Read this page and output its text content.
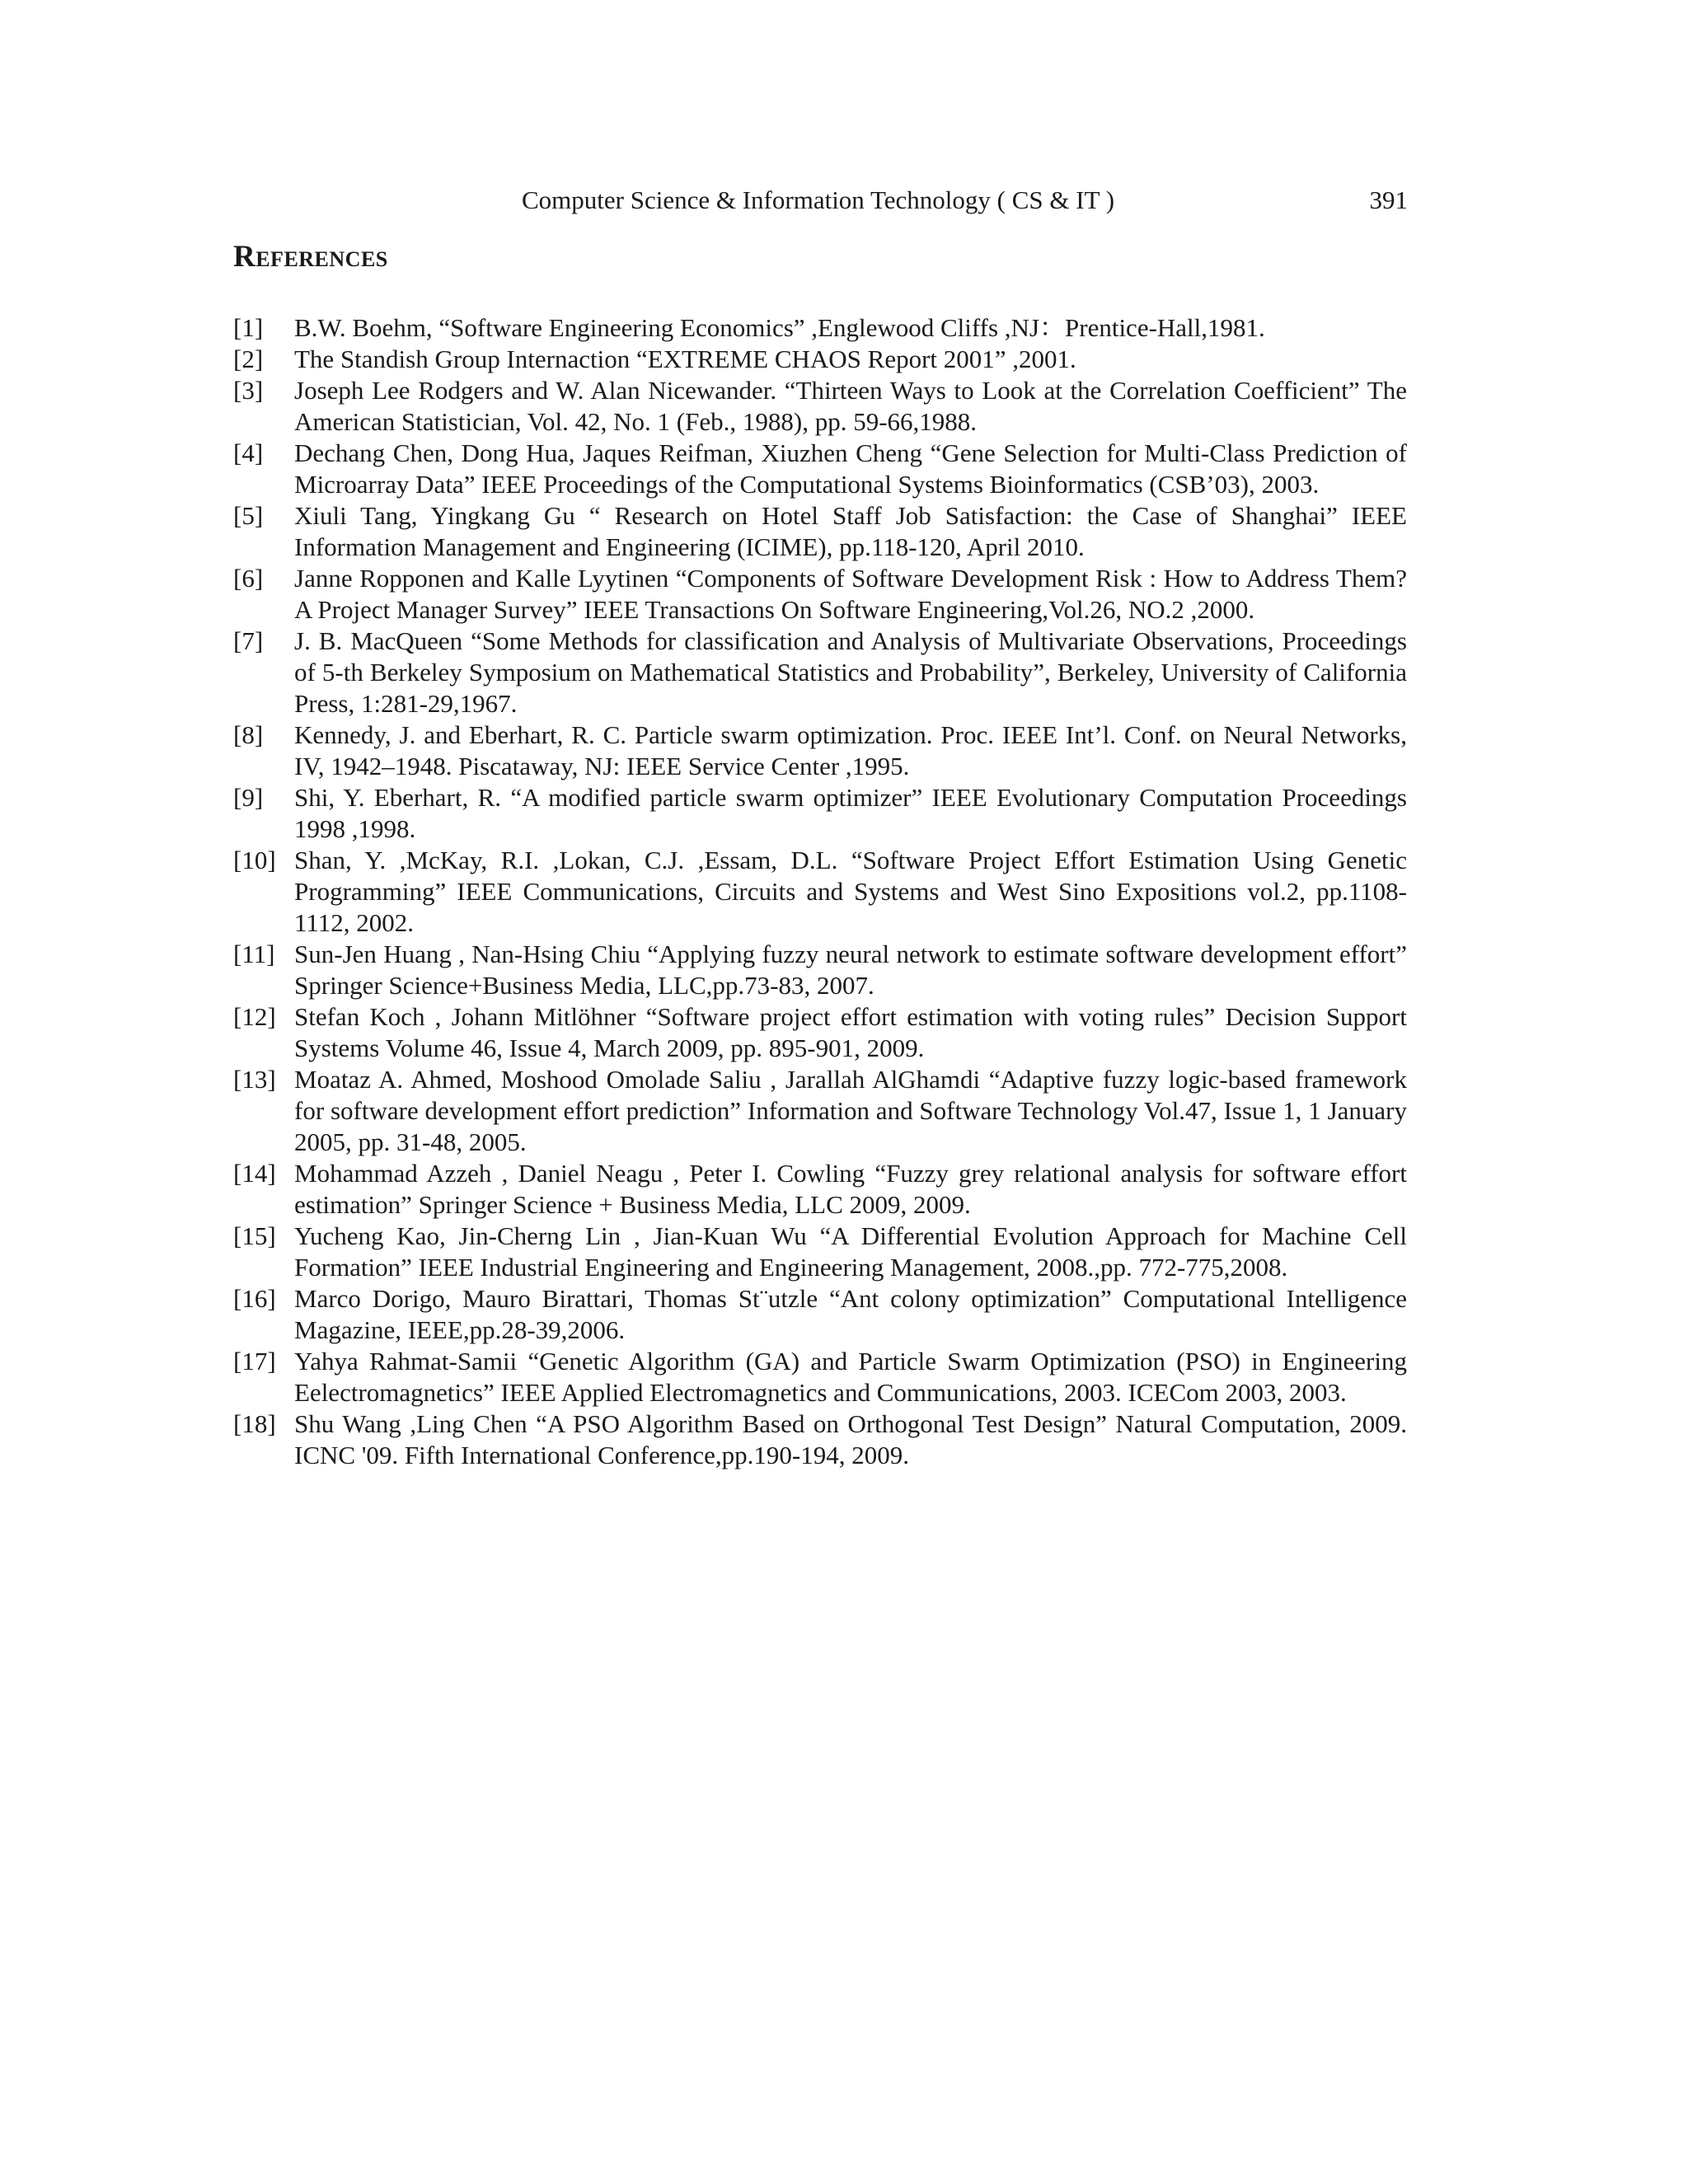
Computer Science & Information Technology ( CS & IT )	391
References
[1]	B.W. Boehm, “Software Engineering Economics” ,Englewood Cliffs ,NJ：Prentice-Hall,1981.
[2]	The Standish Group Internaction “EXTREME CHAOS Report 2001” ,2001.
[3]	Joseph Lee Rodgers and W. Alan Nicewander. “Thirteen Ways to Look at the Correlation Coefficient” The American Statistician, Vol. 42, No. 1 (Feb., 1988), pp. 59-66,1988.
[4]	Dechang Chen, Dong Hua, Jaques Reifman, Xiuzhen Cheng “Gene Selection for Multi-Class Prediction of Microarray Data” IEEE Proceedings of the Computational Systems Bioinformatics (CSB’03), 2003.
[5]	Xiuli Tang, Yingkang Gu “ Research on Hotel Staff Job Satisfaction: the Case of Shanghai” IEEE Information Management and Engineering (ICIME), pp.118-120, April 2010.
[6]	Janne Ropponen and Kalle Lyytinen “Components of Software Development Risk : How to Address Them? A Project Manager Survey” IEEE Transactions On Software Engineering,Vol.26, NO.2 ,2000.
[7]	J. B. MacQueen “Some Methods for classification and Analysis of Multivariate Observations, Proceedings of 5-th Berkeley Symposium on Mathematical Statistics and Probability”, Berkeley, University of California Press, 1:281-29,1967.
[8]	Kennedy, J. and Eberhart, R. C. Particle swarm optimization. Proc. IEEE Int’l. Conf. on Neural Networks, IV, 1942–1948. Piscataway, NJ: IEEE Service Center ,1995.
[9]	Shi, Y. Eberhart, R. “A modified particle swarm optimizer” IEEE Evolutionary Computation Proceedings 1998 ,1998.
[10] Shan, Y. ,McKay, R.I. ,Lokan, C.J. ,Essam, D.L. “Software Project Effort Estimation Using Genetic Programming” IEEE Communications, Circuits and Systems and West Sino Expositions vol.2, pp.1108-1112, 2002.
[11] Sun-Jen Huang , Nan-Hsing Chiu “Applying fuzzy neural network to estimate software development effort” Springer Science+Business Media, LLC,pp.73-83, 2007.
[12] Stefan Koch , Johann Mitlöhner “Software project effort estimation with voting rules” Decision Support Systems Volume 46, Issue 4, March 2009, pp. 895-901, 2009.
[13] Moataz A. Ahmed, Moshood Omolade Saliu , Jarallah AlGhamdi “Adaptive fuzzy logic-based framework for software development effort prediction” Information and Software Technology Vol.47, Issue 1, 1 January 2005, pp. 31-48, 2005.
[14] Mohammad Azzeh , Daniel Neagu , Peter I. Cowling “Fuzzy grey relational analysis for software effort estimation” Springer Science + Business Media, LLC 2009, 2009.
[15] Yucheng Kao, Jin-Cherng Lin , Jian-Kuan Wu “A Differential Evolution Approach for Machine Cell Formation” IEEE Industrial Engineering and Engineering Management, 2008.,pp. 772-775,2008.
[16] Marco Dorigo, Mauro Birattari, Thomas St¨utzle “Ant colony optimization” Computational Intelligence Magazine, IEEE,pp.28-39,2006.
[17] Yahya Rahmat-Samii “Genetic Algorithm (GA) and Particle Swarm Optimization (PSO) in Engineering Eelectromagnetics” IEEE Applied Electromagnetics and Communications, 2003. ICECom 2003, 2003.
[18] Shu Wang ,Ling Chen “A PSO Algorithm Based on Orthogonal Test Design” Natural Computation, 2009. ICNC '09. Fifth International Conference,pp.190-194, 2009.
